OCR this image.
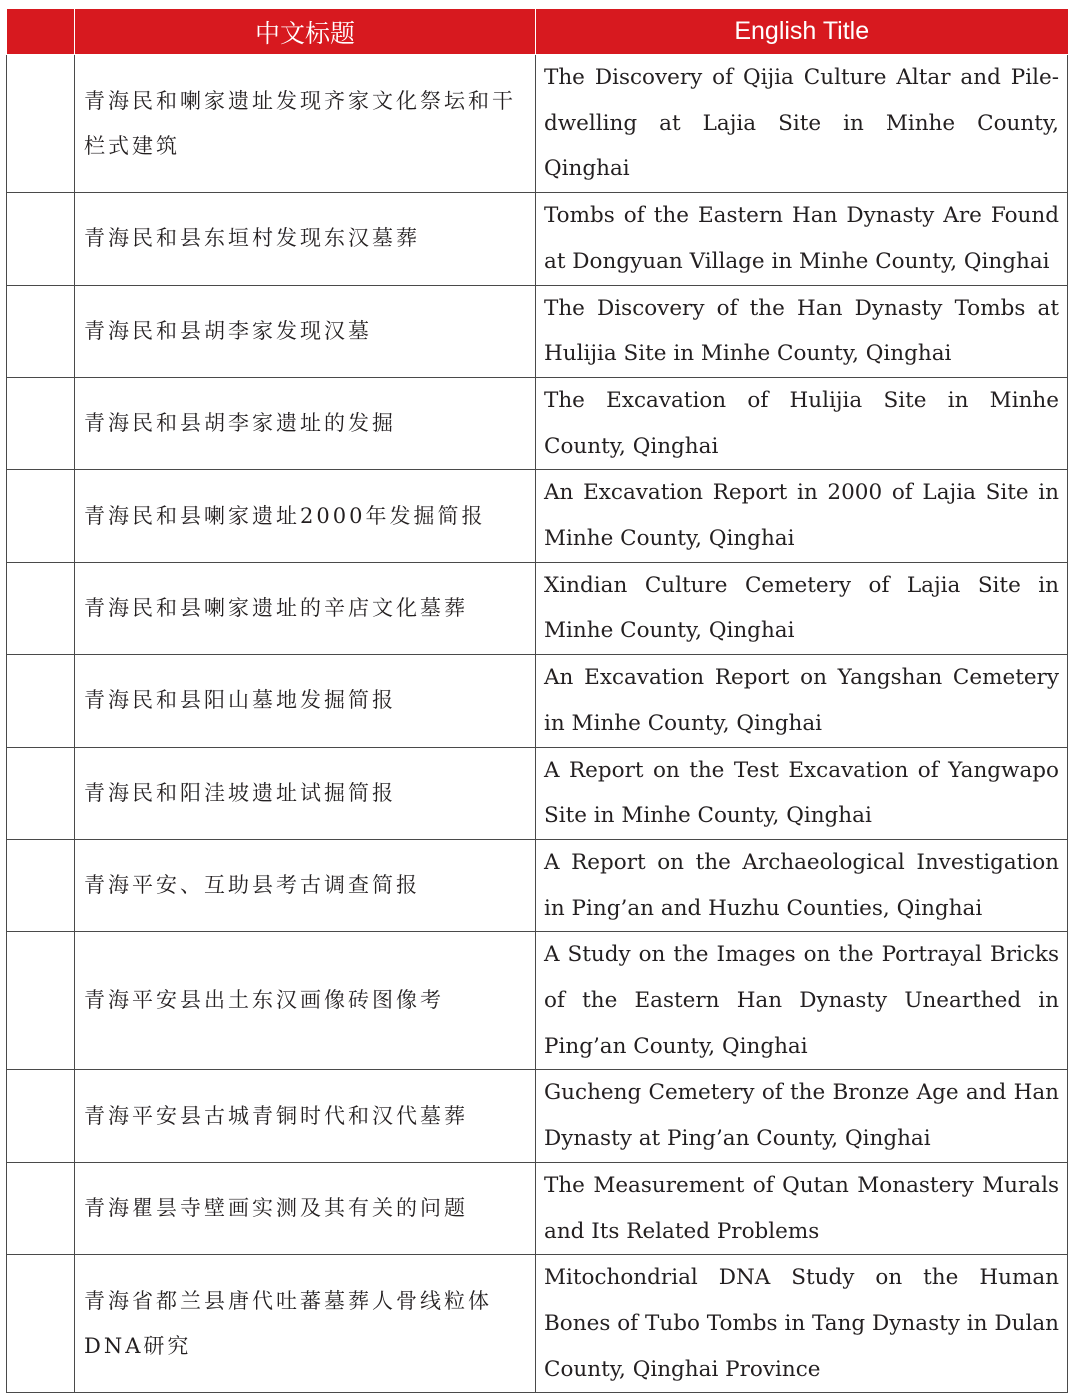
	中文标题	English Title
	青海民和喇家遗址发现齐家文化祭坛和干栏式建筑	The Discovery of Qijia Culture Altar and Pile-dwelling at Lajia Site in Minhe County, Qinghai
	青海民和县东垣村发现东汉墓葬	Tombs of the Eastern Han Dynasty Are Found at Dongyuan Village in Minhe County, Qinghai
	青海民和县胡李家发现汉墓	The Discovery of the Han Dynasty Tombs at Hulijia Site in Minhe County, Qinghai
	青海民和县胡李家遗址的发掘	The Excavation of Hulijia Site in Minhe County, Qinghai
	青海民和县喇家遗址2000年发掘简报	An Excavation Report in 2000 of Lajia Site in Minhe County, Qinghai
	青海民和县喇家遗址的辛店文化墓葬	Xindian Culture Cemetery of Lajia Site in Minhe County, Qinghai
	青海民和县阳山墓地发掘简报	An Excavation Report on Yangshan Cemetery in Minhe County, Qinghai
	青海民和阳洼坡遗址试掘简报	A Report on the Test Excavation of Yangwapo Site in Minhe County, Qinghai
	青海平安、互助县考古调查简报	A Report on the Archaeological Investigation in Ping’an and Huzhu Counties, Qinghai
	青海平安县出土东汉画像砖图像考	A Study on the Images on the Portrayal Bricks of the Eastern Han Dynasty Unearthed in Ping’an County, Qinghai
	青海平安县古城青铜时代和汉代墓葬	Gucheng Cemetery of the Bronze Age and Han Dynasty at Ping’an County, Qinghai
	青海瞿昙寺壁画实测及其有关的问题	The Measurement of Qutan Monastery Murals and Its Related Problems
	青海省都兰县唐代吐蕃墓葬人骨线粒体DNA研究	Mitochondrial DNA Study on the Human Bones of Tubo Tombs in Tang Dynasty in Dulan County, Qinghai Province
